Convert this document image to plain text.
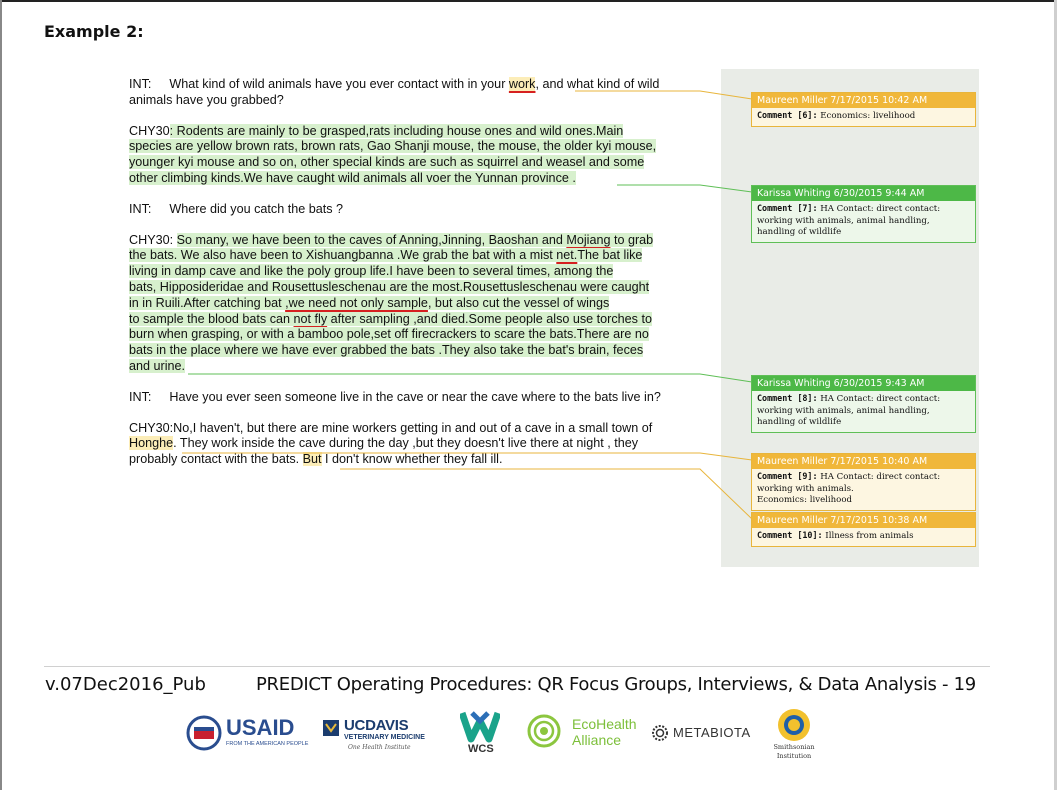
Example 2:

INT: What kind of wild animals have you ever contact with in your work, and what kind of wild
animals have you grabbed?

CHY30: Rodents are mainly to be grasped,rats including house ones and wild ones.Main
species are yellow brown rats, brown rats, Gao Shanji mouse, the mouse, the older kyi mouse,
younger kyi mouse and so on, other special kinds are such as squirrel and weasel and some
other climbing kinds.We have caught wild animals all voer the Yunnan province .

INT: Where did you catch the bats ?

CHY30: So many, we have been to the caves of Anning,Jinning, Baoshan and Mojiang to grab
the bats. We also have been to Xishuangbanna .We grab the bat with a mist net.The bat like
living in damp cave and like the poly group life.I have been to several times, among the
bats, Hipposideridae and Rousettusleschenau are the most.Rousettusleschenau were caught
in in Ruili.After catching bat ,we need not only sample, but also cut the vessel of wings
to sample the blood bats can not fly after sampling ,and died.Some people also use torches to
burn when grasping, or with a bamboo pole,set off firecrackers to scare the bats.There are no
bats in the place where we have ever grabbed the bats .They also take the bat's brain, feces
and urine.

INT: Have you ever seen someone live in the cave or near the cave where to the bats live in?

CHY30:No,I haven't, but there are mine workers getting in and out of a cave in a small town of
Honghe. They work inside the cave during the day ,but they doesn't live there at night , they
probably contact with the bats. But I don't know whether they fall ill.

Maureen Miller 7/17/2015 10:42 AM
Comment [6]: Economics: livelihood
Karissa Whiting 6/30/2015 9:44 AM
Comment [7]: HA Contact: direct contact: working with animals, animal handling, handling of wildlife
Karissa Whiting 6/30/2015 9:43 AM
Comment [8]: HA Contact: direct contact: working with animals, animal handling, handling of wildlife
Maureen Miller 7/17/2015 10:40 AM
Comment [9]: HA Contact: direct contact: working with animals.
Economics: livelihood
Maureen Miller 7/17/2015 10:38 AM
Comment [10]: Illness from animals
v.07Dec2016_Pub	PREDICT Operating Procedures: QR Focus Groups, Interviews, & Data Analysis - 19
USAID
FROM THE AMERICAN PEOPLE
UCDAVIS
VETERINARY MEDICINE
One Health Institute	WCS
EcoHealth
Alliance	METABIOTA
Smithsonian
Institution
